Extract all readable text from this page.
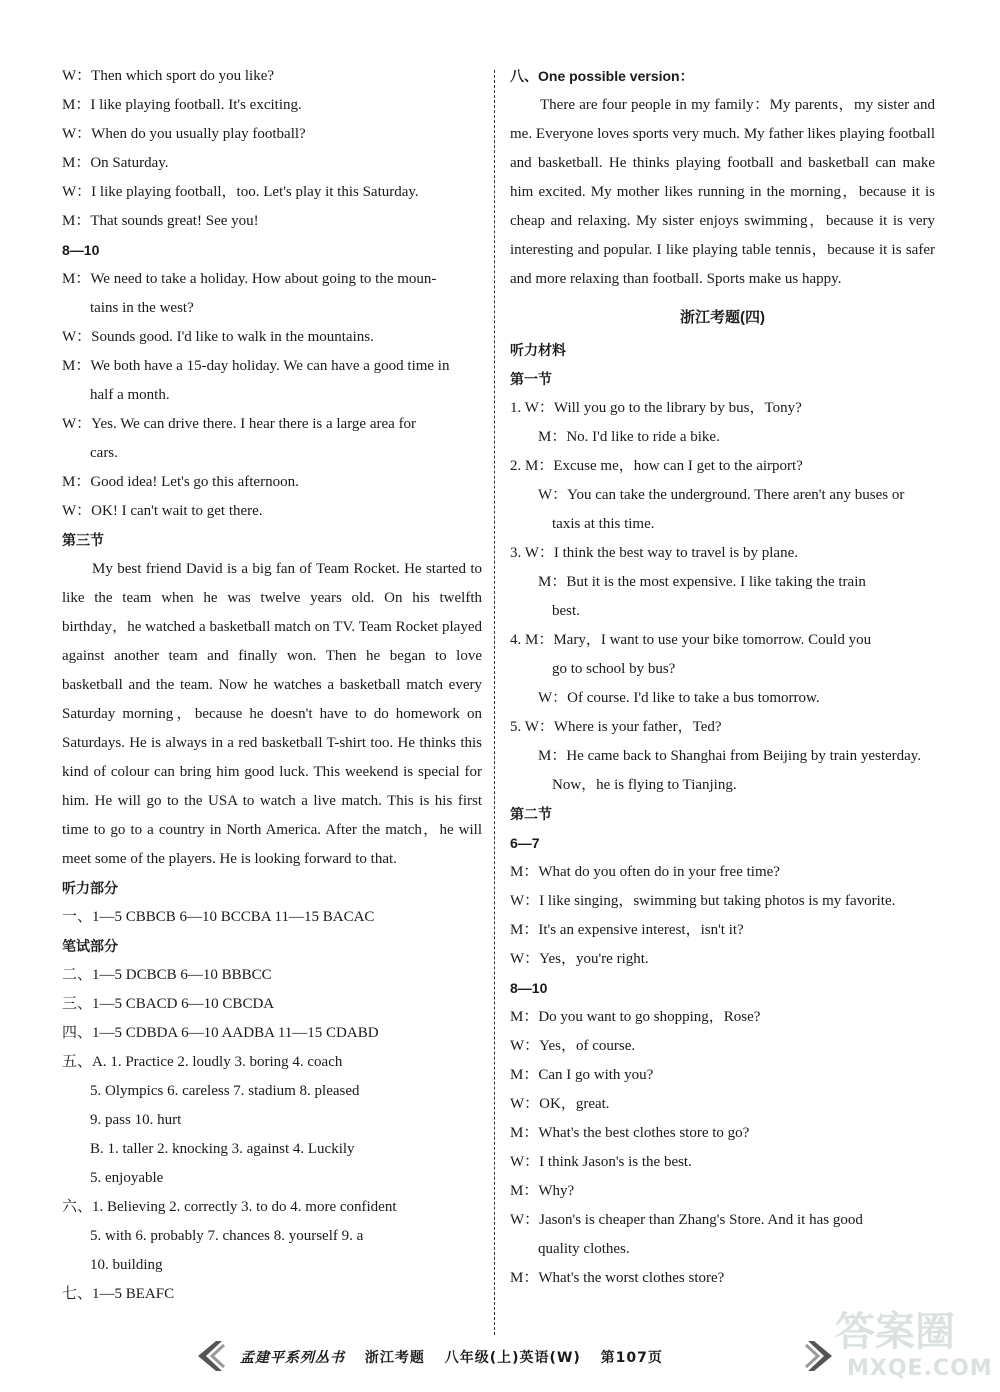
W：Then which sport do you like?
M：I like playing football. It's exciting.
W：When do you usually play football?
M：On Saturday.
W：I like playing football，too. Let's play it this Saturday.
M：That sounds great! See you!
8—10
M：We need to take a holiday. How about going to the moun-
tains in the west?
W：Sounds good. I'd like to walk in the mountains.
M：We both have a 15-day holiday. We can have a good time in
half a month.
W：Yes. We can drive there. I hear there is a large area for
cars.
M：Good idea! Let's go this afternoon.
W：OK! I can't wait to get there.
第三节
My best friend David is a big fan of Team Rocket. He started to like the team when he was twelve years old. On his twelfth birthday，he watched a basketball match on TV. Team Rocket played against another team and finally won. Then he began to love basketball and the team. Now he watches a basketball match every Saturday morning，because he doesn't have to do homework on Saturdays. He is always in a red basketball T-shirt too. He thinks this kind of colour can bring him good luck. This weekend is special for him. He will go to the USA to watch a live match. This is his first time to go to a country in North America. After the match，he will meet some of the players. He is looking forward to that.
听力部分
一、1—5 CBBCB 6—10 BCCBA 11—15 BACAC
笔试部分
二、1—5 DCBCB 6—10 BBBCC
三、1—5 CBACD 6—10 CBCDA
四、1—5 CDBDA 6—10 AADBA 11—15 CDABD
五、A. 1. Practice 2. loudly 3. boring 4. coach
5. Olympics 6. careless 7. stadium 8. pleased
9. pass 10. hurt
B. 1. taller 2. knocking 3. against 4. Luckily
5. enjoyable
六、1. Believing 2. correctly 3. to do 4. more confident
5. with 6. probably 7. chances 8. yourself 9. a
10. building
七、1—5 BEAFC
八、One possible version：
There are four people in my family：My parents，my sister and me. Everyone loves sports very much. My father likes playing football and basketball. He thinks playing football and basketball can make him excited. My mother likes running in the morning，because it is cheap and relaxing. My sister enjoys swimming，because it is very interesting and popular. I like playing table tennis，because it is safer and more relaxing than football. Sports make us happy.
浙江考题(四)
听力材料
第一节
1. W：Will you go to the library by bus，Tony?
M：No. I'd like to ride a bike.
2. M：Excuse me，how can I get to the airport?
W：You can take the underground. There aren't any buses or
taxis at this time.
3. W：I think the best way to travel is by plane.
M：But it is the most expensive. I like taking the train
best.
4. M：Mary，I want to use your bike tomorrow. Could you
go to school by bus?
W：Of course. I'd like to take a bus tomorrow.
5. W：Where is your father，Ted?
M：He came back to Shanghai from Beijing by train yesterday.
Now，he is flying to Tianjing.
第二节
6—7
M：What do you often do in your free time?
W：I like singing，swimming but taking photos is my favorite.
M：It's an expensive interest，isn't it?
W：Yes，you're right.
8—10
M：Do you want to go shopping，Rose?
W：Yes，of course.
M：Can I go with you?
W：OK，great.
M：What's the best clothes store to go?
W：I think Jason's is the best.
M：Why?
W：Jason's is cheaper than Zhang's Store. And it has good
quality clothes.
M：What's the worst clothes store?
孟建平系列丛书 浙江考题 八年级(上)英语(W) 第107页
答案圈
MXQE.COM
